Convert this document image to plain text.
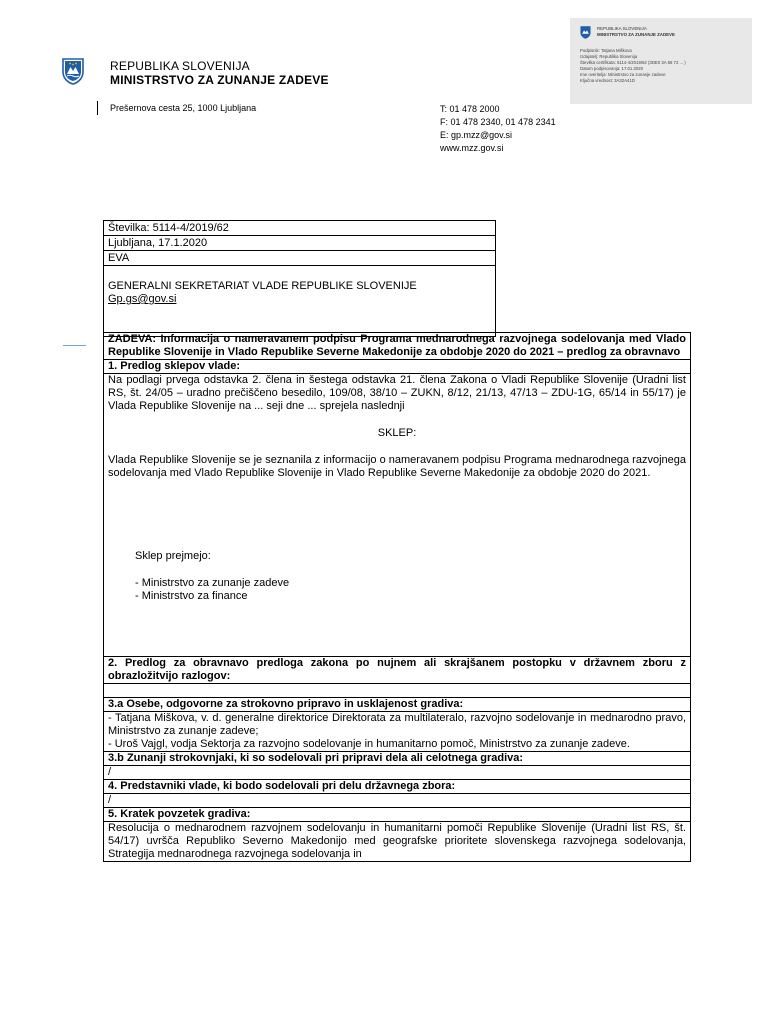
REPUBLIKA SLOVENIJA
MINISTRSTVO ZA ZUNANJE ZADEVE
Podpisnik: Tatjana Miškova
Izdajatelj: Republika Slovenija
Številka certifikata: 5114-4/2019/62 (3DE0 3A 58 72 ... )
Datum podpisovanja: 17.01.2020
Ime overitelja: Ministrstvo za zunanje zadeve
Ključna vrednost: 3A32A41D
REPUBLIKA SLOVENIJA
MINISTRSTVO ZA ZUNANJE ZADEVE
Prešernova cesta 25, 1000 Ljubljana	T: 01 478 2000
F: 01 478 2340, 01 478 2341
E: gp.mzz@gov.si
www.mzz.gov.si
Številka: 5114-4/2019/62
Ljubljana, 17.1.2020
EVA

GENERALNI SEKRETARIAT VLADE REPUBLIKE SLOVENIJE
Gp.gs@gov.si
ZADEVA: Informacija o nameravanem podpisu Programa mednarodnega razvojnega sodelovanja med Vlado Republike Slovenije in Vlado Republike Severne Makedonije za obdobje 2020 do 2021 – predlog za obravnavo
1. Predlog sklepov vlade:

Na podlagi prvega odstavka 2. člena in šestega odstavka 21. člena Zakona o Vladi Republike Slovenije (Uradni list RS, št. 24/05 – uradno prečiščeno besedilo, 109/08, 38/10 – ZUKN, 8/12, 21/13, 47/13 – ZDU-1G, 65/14 in 55/17) je Vlada Republike Slovenije na ... seji dne ... sprejela naslednji
SKLEP:
Vlada Republike Slovenije se je seznanila z informacijo o nameravanem podpisu Programa mednarodnega razvojnega sodelovanja med Vlado Republike Slovenije in Vlado Republike Severne Makedonije za obdobje 2020 do 2021.
Sklep prejmejo:
- Ministrstvo za zunanje zadeve
- Ministrstvo za finance

2. Predlog za obravnavo predloga zakona po nujnem ali skrajšanem postopku v državnem zboru z obrazložitvijo razlogov:

3.a Osebe, odgovorne za strokovno pripravo in usklajenost gradiva:

- Tatjana Miškova, v. d. generalne direktorice Direktorata za multilateralo, razvojno sodelovanje in mednarodno pravo, Ministrstvo za zunanje zadeve;
- Uroš Vajgl, vodja Sektorja za razvojno sodelovanje in humanitarno pomoč, Ministrstvo za zunanje zadeve.

3.b Zunanji strokovnjaki, ki so sodelovali pri pripravi dela ali celotnega gradiva:
/
4. Predstavniki vlade, ki bodo sodelovali pri delu državnega zbora:
/
5. Kratek povzetek gradiva:
Resolucija o mednarodnem razvojnem sodelovanju in humanitarni pomoči Republike Slovenije (Uradni list RS, št. 54/17) uvršča Republiko Severno Makedonijo med geografske prioritete slovenskega razvojnega sodelovanja, Strategija mednarodnega razvojnega sodelovanja in
